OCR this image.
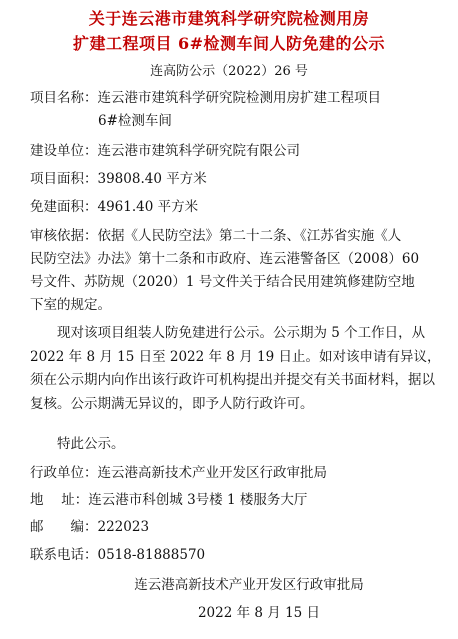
关于连云港市建筑科学研究院检测用房
扩建工程项目 6#检测车间人防免建的公示
连高防公示（2022）26 号
项目名称：连云港市建筑科学研究院检测用房扩建工程项目
6#检测车间
建设单位：连云港市建筑科学研究院有限公司
项目面积：39808.40 平方米
免建面积：4961.40 平方米
审核依据：依据《人民防空法》第二十二条、《江苏省实施《人
民防空法》办法》第十二条和市政府、连云港警备区（2008）60
号文件、苏防规（2020）1 号文件关于结合民用建筑修建防空地
下室的规定。
现对该项目组装人防免建进行公示。公示期为 5 个工作日，从 2022 年 8 月 15 日至 2022 年 8 月 19 日止。如对该申请有异议，须在公示期内向作出该行政许可机构提出并提交有关书面材料，据以复核。公示期满无异议的，即予人防行政许可。
特此公示。
行政单位：连云港高新技术产业开发区行政审批局
地　 址：连云港市科创城 3号楼 1 楼服务大厅
邮　　编：222023
联系电话：0518-81888570
连云港高新技术产业开发区行政审批局
2022 年 8 月 15 日
